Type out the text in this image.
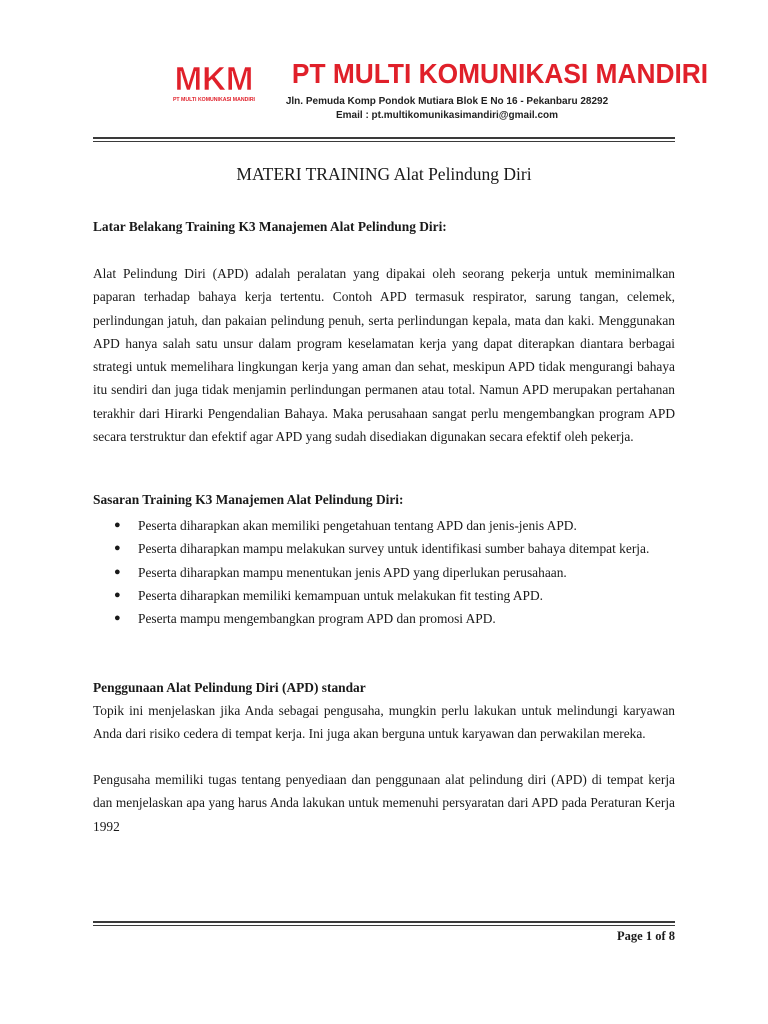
MKM
PT MULTI KOMUNIKASI MANDIRI
PT MULTI KOMUNIKASI MANDIRI
Jln. Pemuda Komp Pondok Mutiara Blok E No 16 - Pekanbaru 28292
Email : pt.multikomunikasimandiri@gmail.com
MATERI TRAINING Alat Pelindung Diri
Latar Belakang Training K3 Manajemen Alat Pelindung Diri:
Alat Pelindung Diri (APD) adalah peralatan yang dipakai oleh seorang pekerja untuk meminimalkan paparan terhadap bahaya kerja tertentu. Contoh APD termasuk respirator, sarung tangan, celemek, perlindungan jatuh, dan pakaian pelindung penuh, serta perlindungan kepala, mata dan kaki. Menggunakan APD hanya salah satu unsur dalam program keselamatan kerja yang dapat diterapkan diantara berbagai strategi untuk memelihara lingkungan kerja yang aman dan sehat, meskipun APD tidak mengurangi bahaya itu sendiri dan juga tidak menjamin perlindungan permanen atau total. Namun APD merupakan pertahanan terakhir dari Hirarki Pengendalian Bahaya. Maka perusahaan sangat perlu mengembangkan program APD secara terstruktur dan efektif agar APD yang sudah disediakan digunakan secara efektif oleh pekerja.
Sasaran Training K3 Manajemen Alat Pelindung Diri:
● Peserta diharapkan akan memiliki pengetahuan tentang APD dan jenis-jenis APD.
● Peserta diharapkan mampu melakukan survey untuk identifikasi sumber bahaya ditempat kerja.
● Peserta diharapkan mampu menentukan jenis APD yang diperlukan perusahaan.
● Peserta diharapkan memiliki kemampuan untuk melakukan fit testing APD.
● Peserta mampu mengembangkan program APD dan promosi APD.
Penggunaan Alat Pelindung Diri (APD) standar
Topik ini menjelaskan jika Anda sebagai pengusaha, mungkin perlu lakukan untuk melindungi karyawan Anda dari risiko cedera di tempat kerja. Ini juga akan berguna untuk karyawan dan perwakilan mereka.
Pengusaha memiliki tugas tentang penyediaan dan penggunaan alat pelindung diri (APD) di tempat kerja dan menjelaskan apa yang harus Anda lakukan untuk memenuhi persyaratan dari APD pada Peraturan Kerja 1992
Page 1 of 8
